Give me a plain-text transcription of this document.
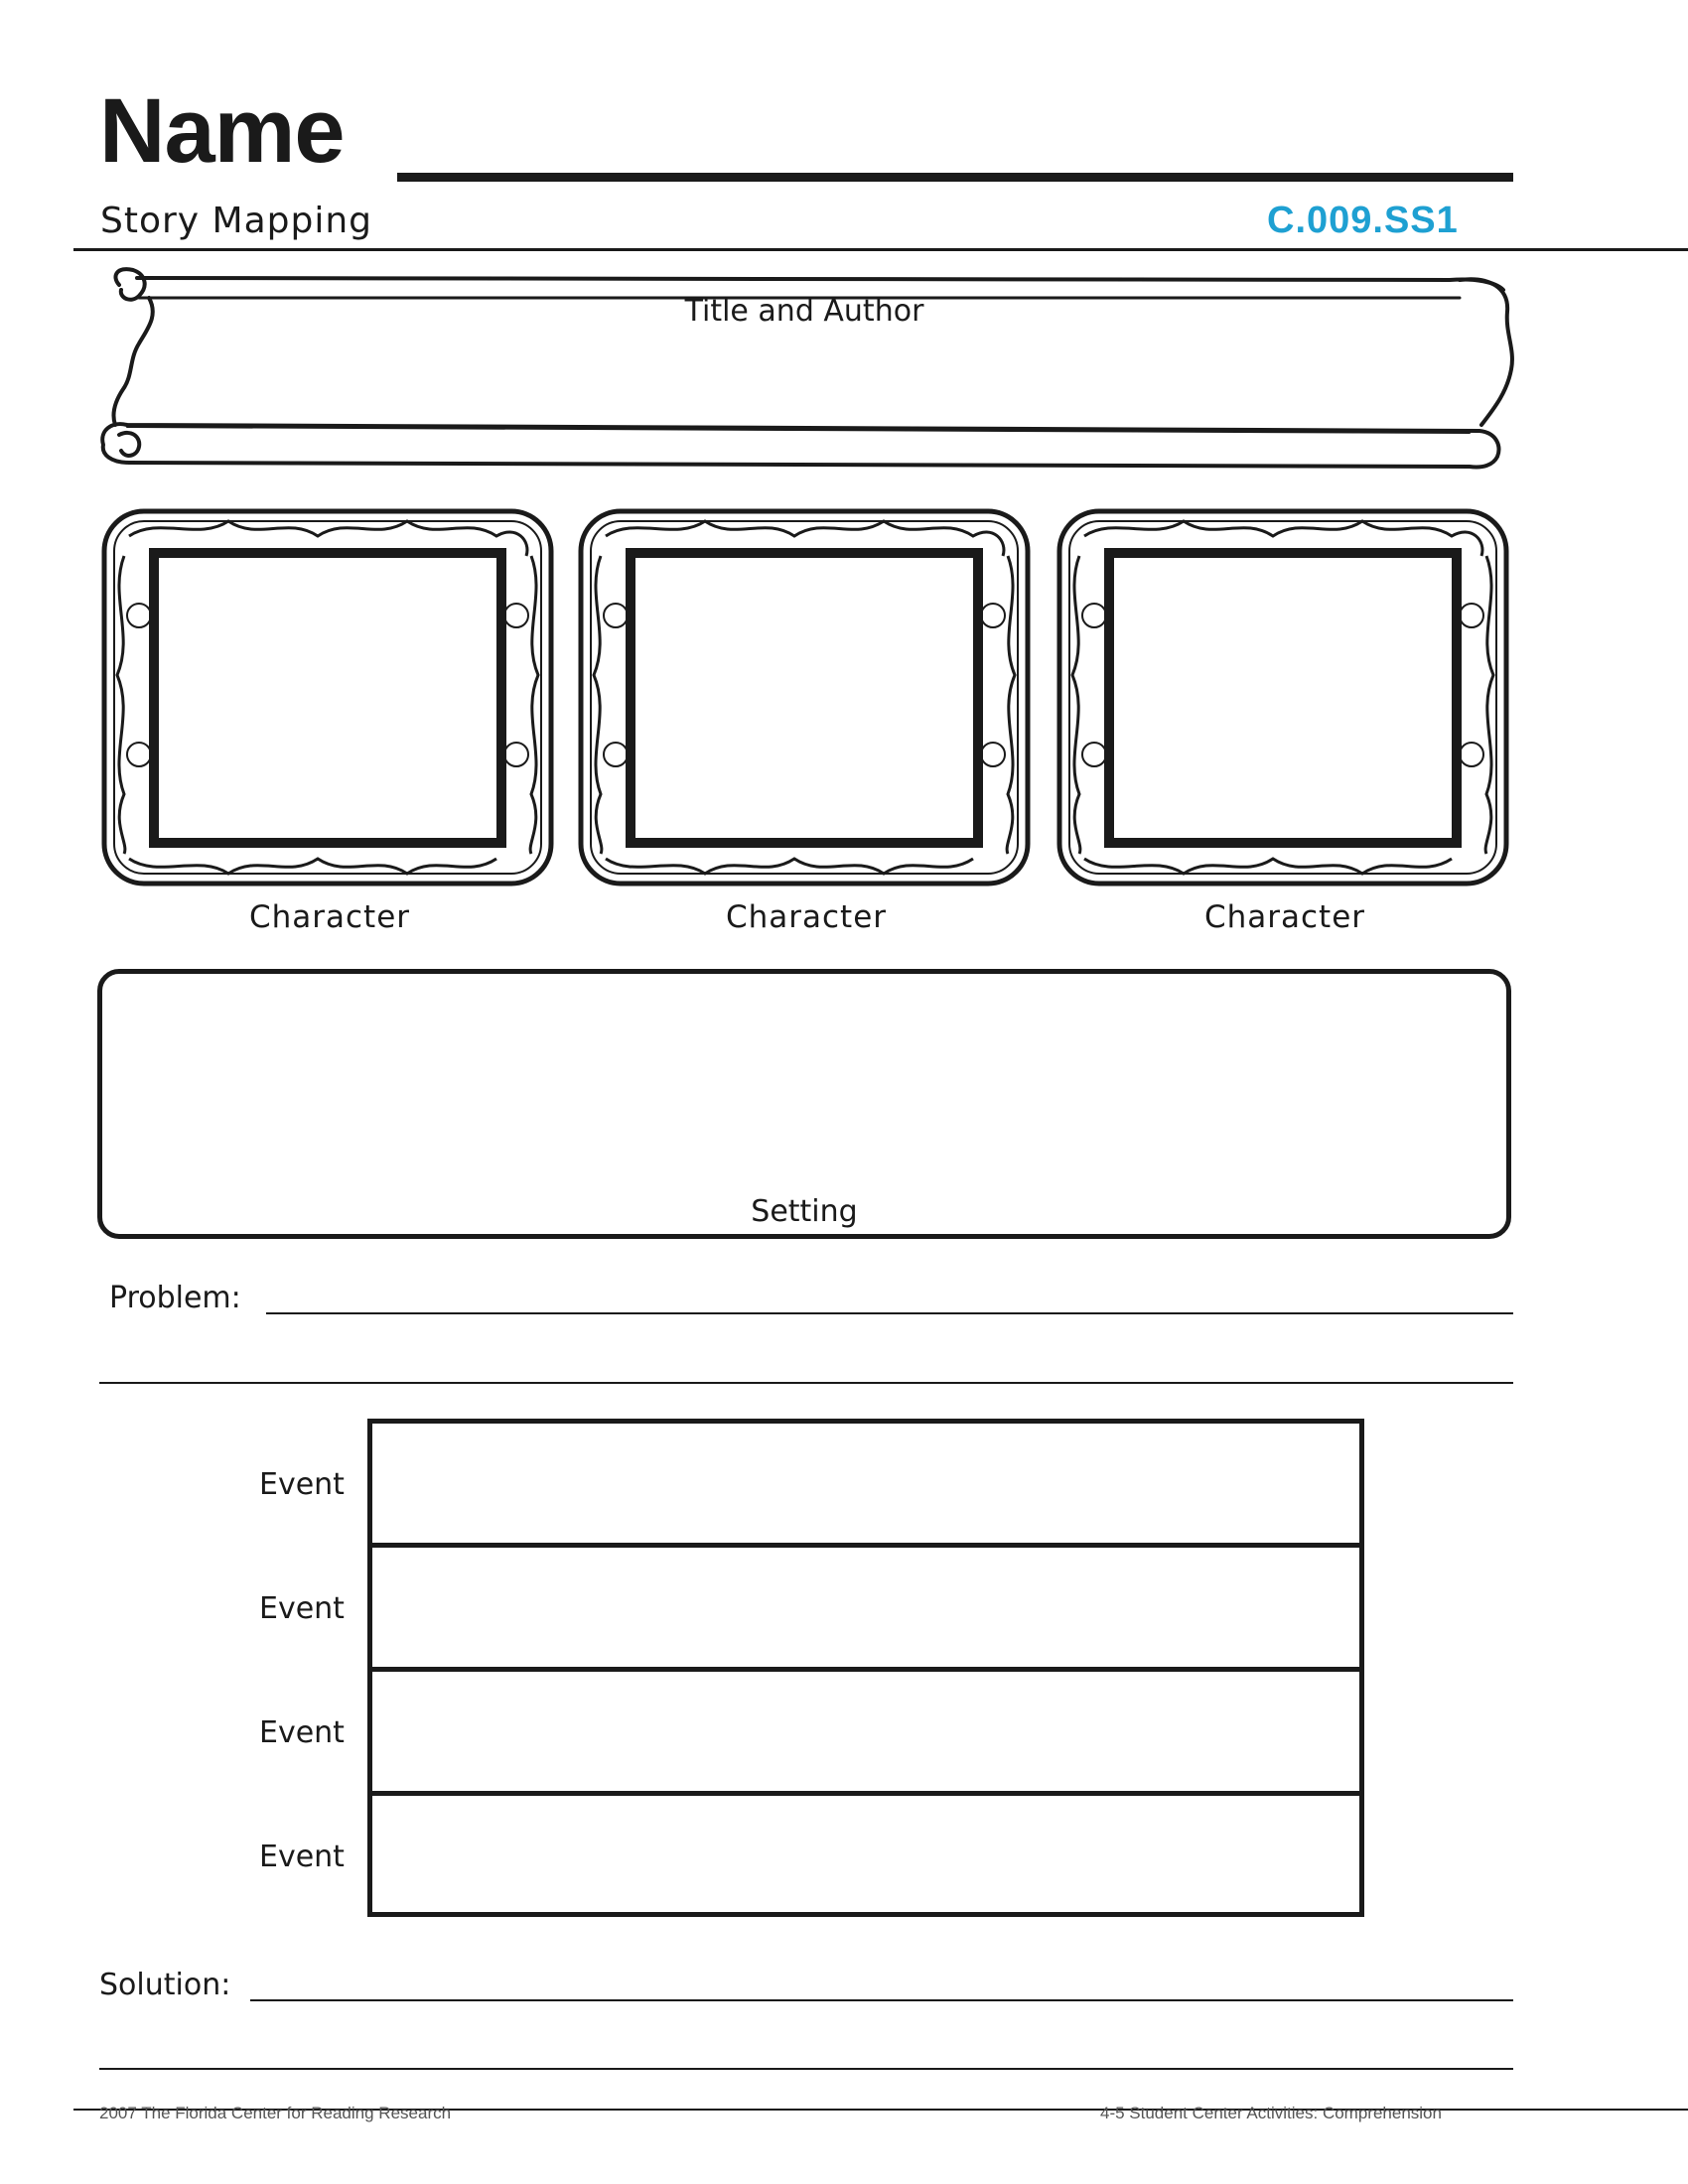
Name
Story Mapping	C.009.SS1
Title and Author
Character	Character	Character
Setting
Problem:
Event
Event
Event
Event
Solution:
2007 The Florida Center for Reading Research	4-5 Student Center Activities: Comprehension
